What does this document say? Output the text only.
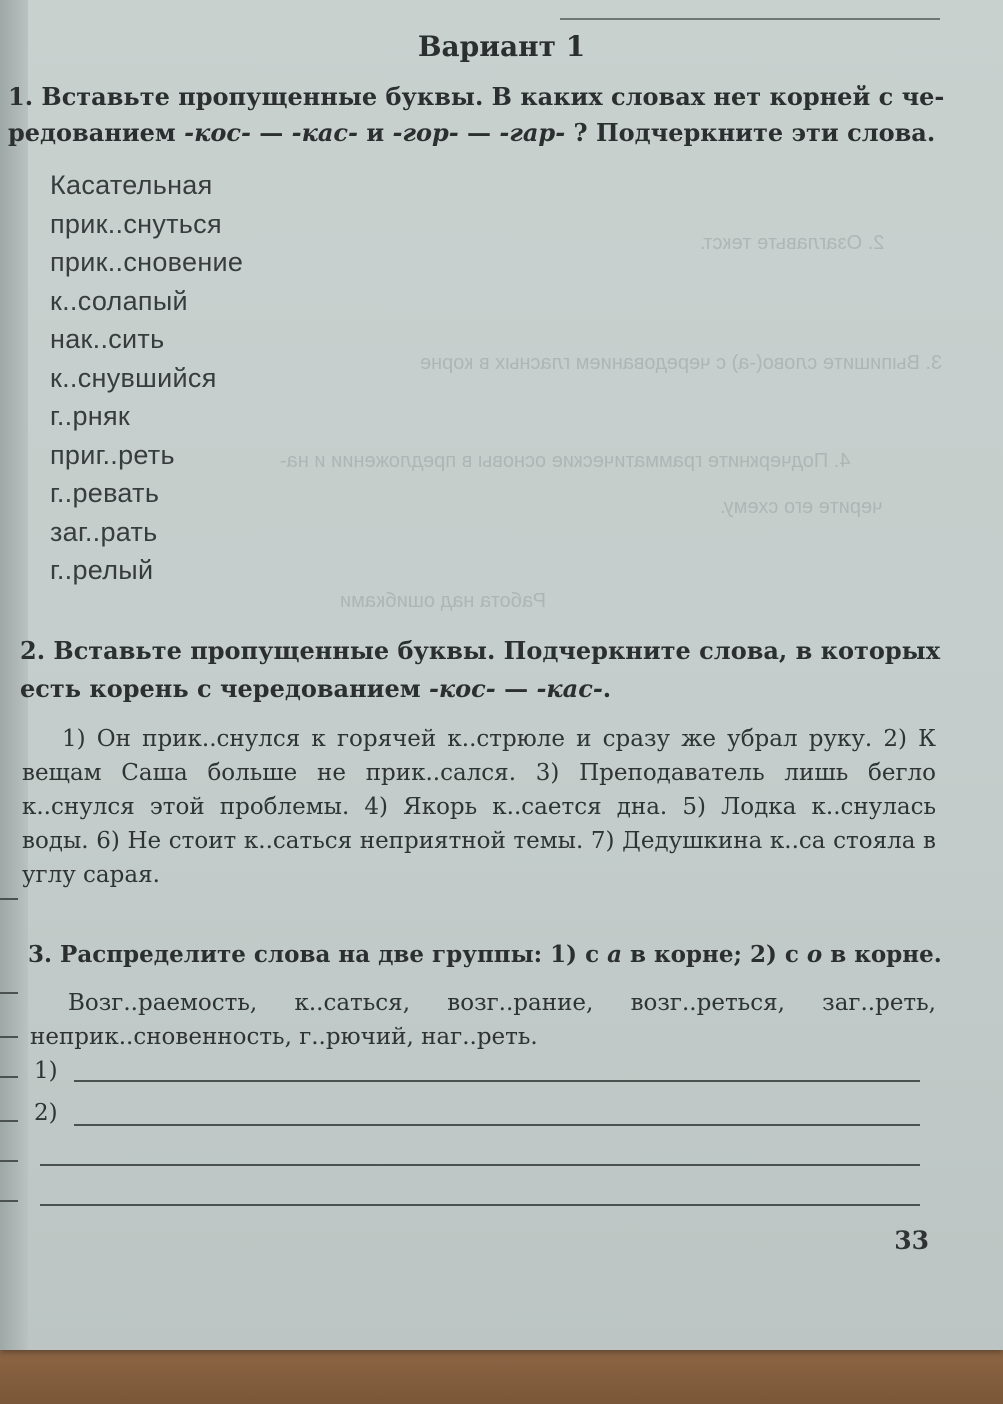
2. Озаглавьте текст.
3. Выпишите слово(-а) с чередованием гласных в корне
4. Подчеркните грамматические основы в предложении и на-
черите его схему.
Работа над ошибками
Вариант 1
1. Вставьте пропущенные буквы. В каких словах нет корней с че-
редованием -кос- — -кас- и -гор- — -гар- ? Подчеркните эти слова.
Касательная
прик..снуться
прик..сновение
к..солапый
нак..сить
к..снувшийся
г..рняк
приг..реть
г..ревать
заг..рать
г..релый
2. Вставьте пропущенные буквы. Подчеркните слова, в которых
есть корень с чередованием -кос- — -кас-.
1) Он прик..снулся к горячей к..стрюле и сразу же убрал руку. 2) К вещам Саша больше не прик..сался. 3) Преподаватель лишь бегло к..снулся этой проблемы. 4) Якорь к..сается дна. 5) Лодка к..снулась воды. 6) Не стоит к..саться неприятной темы. 7) Дедушкина к..са стояла в углу сарая.
3. Распределите слова на две группы: 1) с а в корне; 2) с о в корне.
Возг..раемость, к..саться, возг..рание, возг..реться, заг..реть, неприк..сновенность, г..рючий, наг..реть.
1)
2)
33
